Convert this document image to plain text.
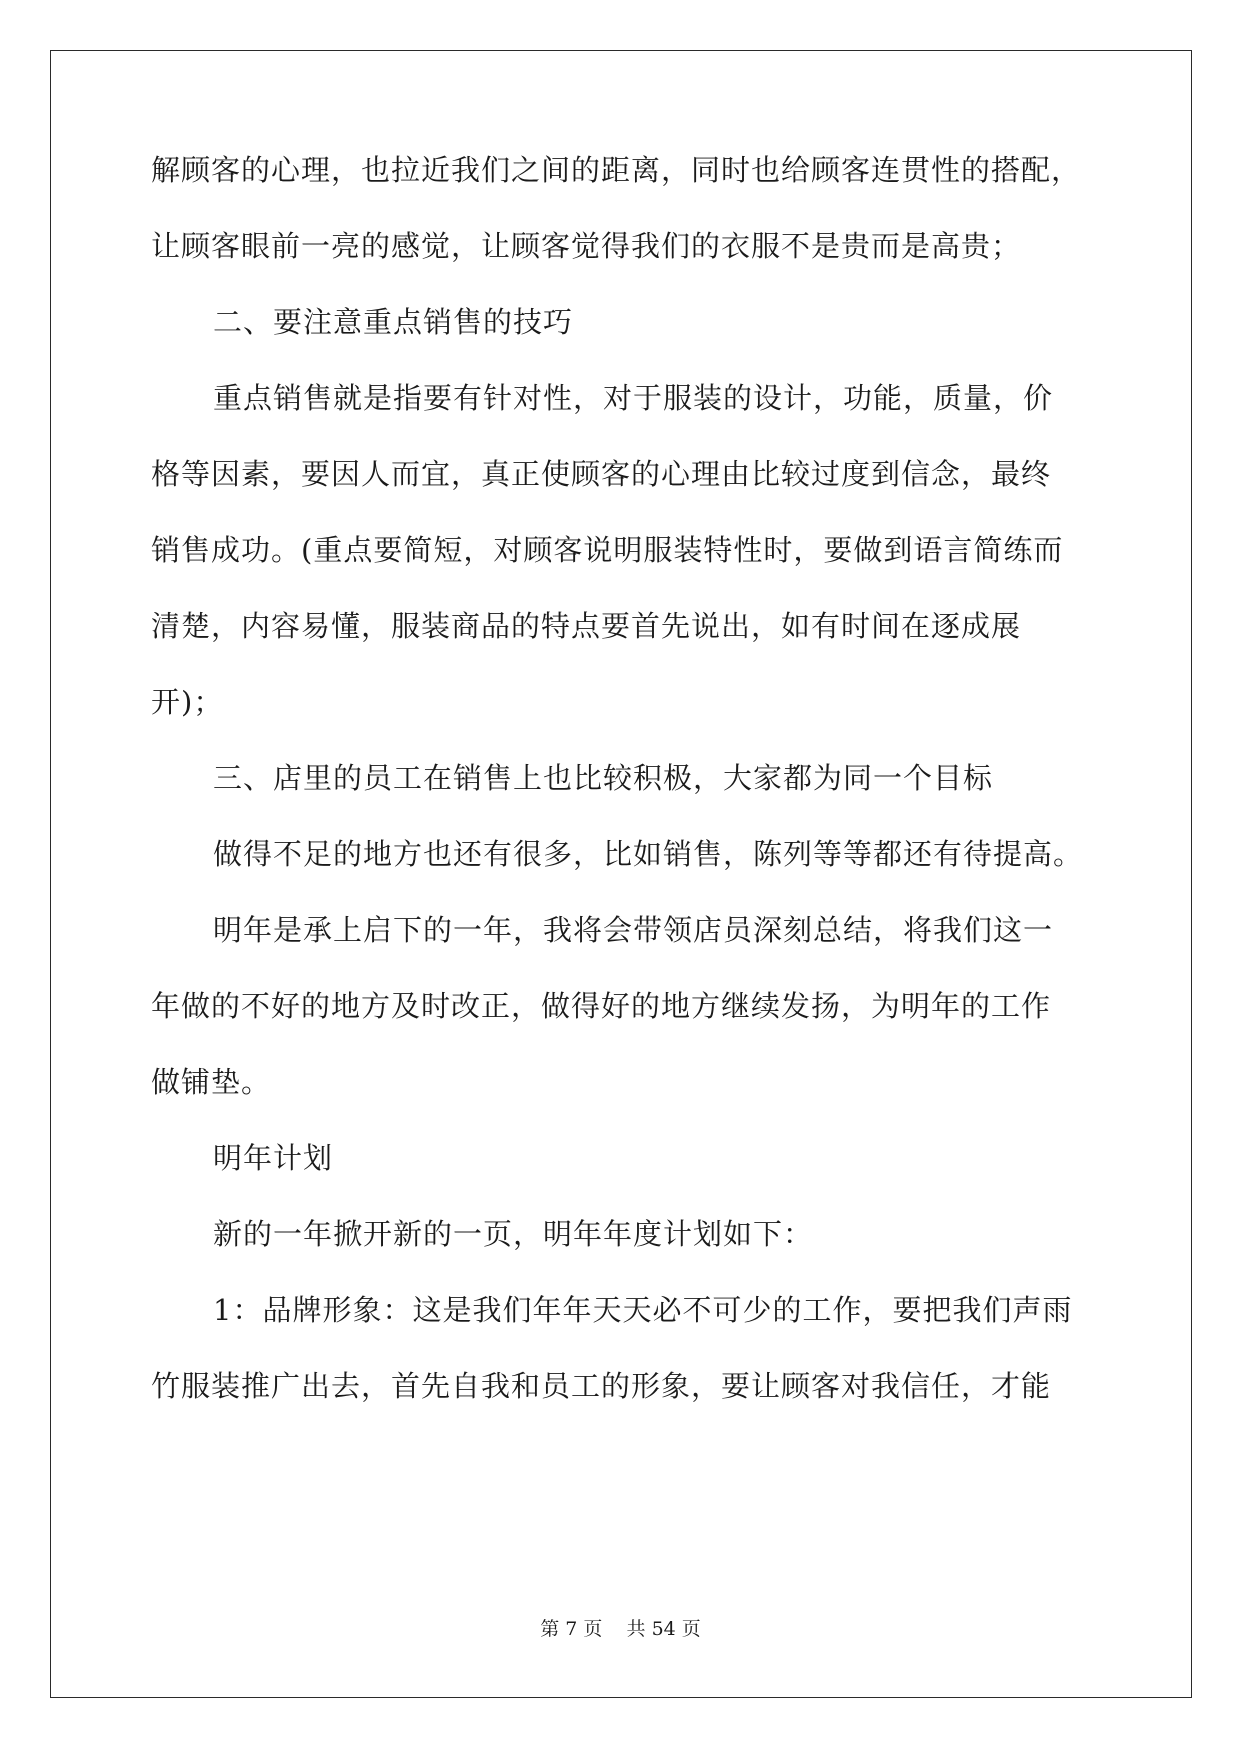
解顾客的心理，也拉近我们之间的距离，同时也给顾客连贯性的搭配，
让顾客眼前一亮的感觉，让顾客觉得我们的衣服不是贵而是高贵；
二、要注意重点销售的技巧
重点销售就是指要有针对性，对于服装的设计，功能，质量，价
格等因素，要因人而宜，真正使顾客的心理由比较过度到信念，最终
销售成功。(重点要简短，对顾客说明服装特性时，要做到语言简练而
清楚，内容易懂，服装商品的特点要首先说出，如有时间在逐成展
开)；
三、店里的员工在销售上也比较积极，大家都为同一个目标
做得不足的地方也还有很多，比如销售，陈列等等都还有待提高。
明年是承上启下的一年，我将会带领店员深刻总结，将我们这一
年做的不好的地方及时改正，做得好的地方继续发扬，为明年的工作
做铺垫。
明年计划
新的一年掀开新的一页，明年年度计划如下：
1：品牌形象：这是我们年年天天必不可少的工作，要把我们声雨
竹服装推广出去，首先自我和员工的形象，要让顾客对我信任，才能
第 7 页    共 54 页
